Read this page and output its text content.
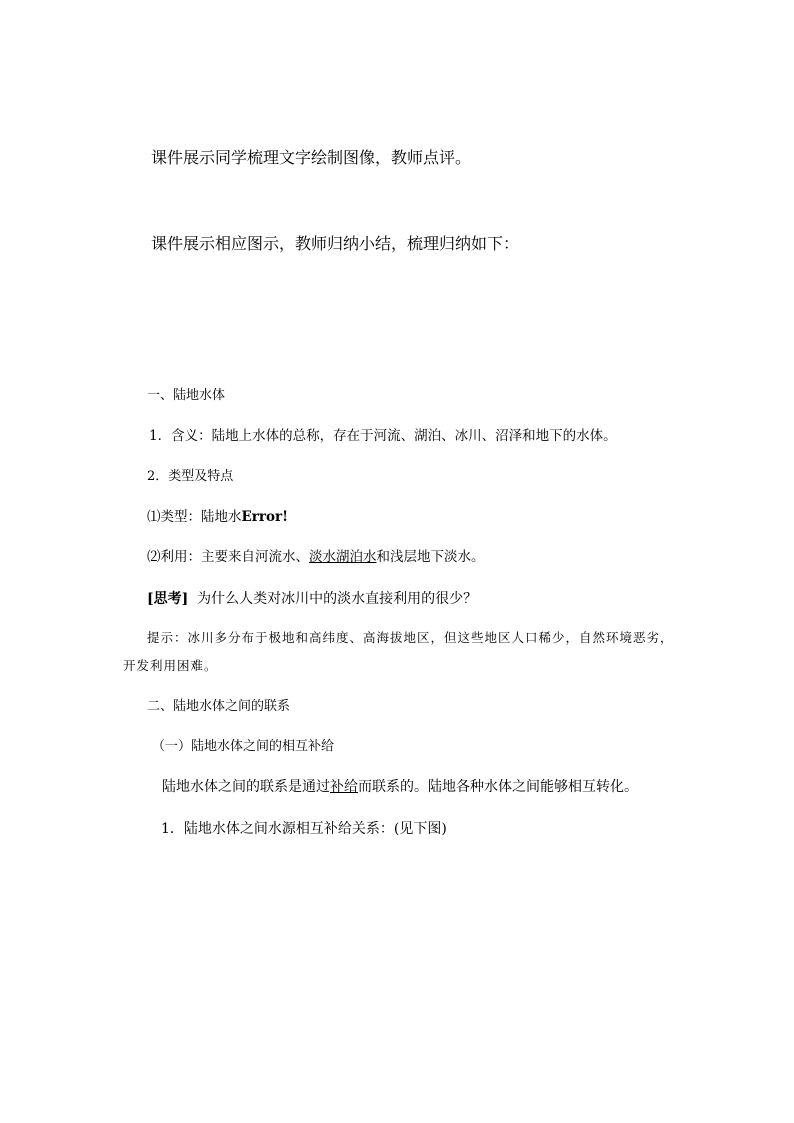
课件展示同学梳理文字绘制图像，教师点评。
课件展示相应图示，教师归纳小结，梳理归纳如下：
一、陆地水体
1．含义：陆地上水体的总称，存在于河流、湖泊、冰川、沼泽和地下的水体。
2．类型及特点
⑴类型：陆地水Error!
⑵利用：主要来自河流水、淡水湖泊水和浅层地下淡水。
[思考] 为什么人类对冰川中的淡水直接利用的很少？
提示：冰川多分布于极地和高纬度、高海拔地区，但这些地区人口稀少，自然环境恶劣，
开发利用困难。
二、陆地水体之间的联系
（一）陆地水体之间的相互补给
陆地水体之间的联系是通过补给而联系的。陆地各种水体之间能够相互转化。
1．陆地水体之间水源相互补给关系：(见下图)
